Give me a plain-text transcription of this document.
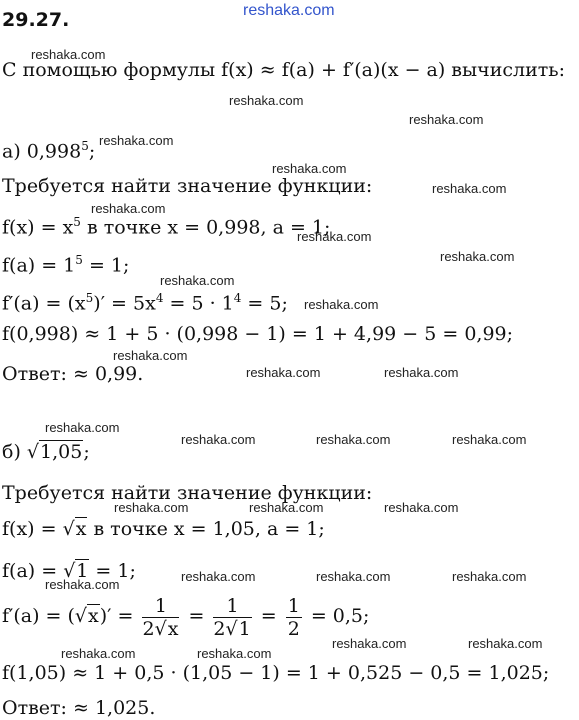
reshaka.com
reshaka.com
reshaka.com
reshaka.com
reshaka.com
reshaka.com
reshaka.com
reshaka.com
reshaka.com
reshaka.com
reshaka.com
reshaka.com
reshaka.com
reshaka.com	reshaka.com
reshaka.com
reshaka.com	reshaka.com	reshaka.com
reshaka.com	reshaka.com	reshaka.com
reshaka.com
reshaka.com	reshaka.com	reshaka.com
reshaka.com	reshaka.com
reshaka.com	reshaka.com
29.27.
С помощью формулы f(x) ≈ f(a) + f′(a)(x − a) вычислить:
а) 0,998$^5$;
Требуется найти значение функции:
$f(x) = x^5$ в точке x = 0,998, a = 1;
$f(a) = 1^5 = 1$;
$f'(a) = (x^5)' = 5x^4 = 5 \cdot 1^4 = 5$;
f(0,998) ≈ 1 + 5 · (0,998 − 1) = 1 + 4,99 − 5 = 0,99;
Ответ: ≈ 0,99.
б) √1,05;
Требуется найти значение функции:
f(x) = √x в точке x = 1,05, a = 1;
f(a) = √1 = 1;
$f'(a) = (√x)' = \frac{1}{2√x} = \frac{1}{2√1} = \frac{1}{2} = 0,5$;
f(1,05) ≈ 1 + 0,5 · (1,05 − 1) = 1 + 0,525 − 0,5 = 1,025;
Ответ: ≈ 1,025.
